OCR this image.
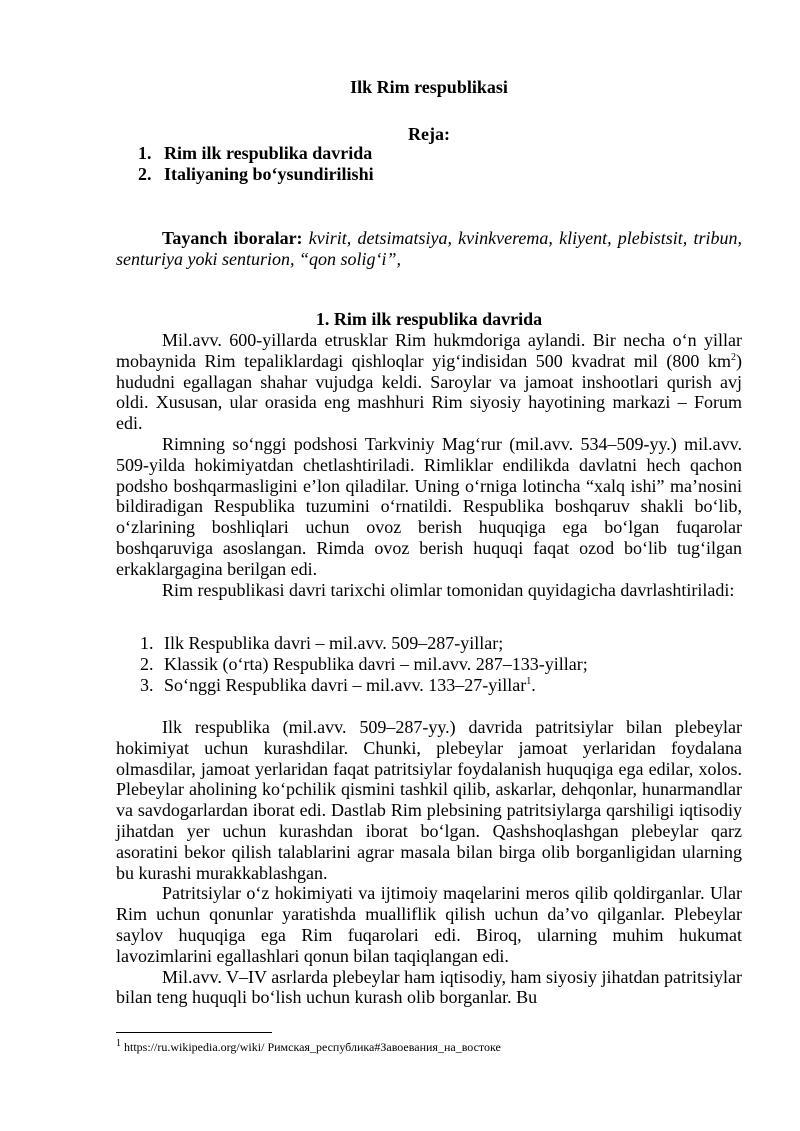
Ilk Rim respublikasi
Reja:
1. Rim ilk respublika davrida
2. Italiyaning bo‘ysundirilishi
Tayanch iboralar: kvirit, detsimatsiya, kvinkverema, kliyent, plebistsit, tribun, senturiya yoki senturion, “qon solig‘i”,
1. Rim ilk respublika davrida

Mil.avv. 600-yillarda etrusklar Rim hukmdoriga aylandi. Bir necha o‘n yillar mobaynida Rim tepaliklardagi qishloqlar yig‘indisidan 500 kvadrat mil (800 $km^2$) hududni egallagan shahar vujudga keldi. Saroylar va jamoat inshootlari qurish avj oldi. Xususan, ular orasida eng mashhuri Rim siyosiy hayotining markazi – Forum edi.

Rimning so‘nggi podshosi Tarkviniy Mag‘rur (mil.avv. 534–509-yy.) mil.avv. 509-yilda hokimiyatdan chetlashtiriladi. Rimliklar endilikda davlatni hech qachon podsho boshqarmasligini e’lon qiladilar. Uning o‘rniga lotincha “xalq ishi” ma’nosini bildiradigan Respublika tuzumini o‘rnatildi. Respublika boshqaruv shakli bo‘lib, o‘zlarining boshliqlari uchun ovoz berish huquqiga ega bo‘lgan fuqarolar boshqaruviga asoslangan. Rimda ovoz berish huquqi faqat ozod bo‘lib tug‘ilgan erkaklargagina berilgan edi.

Rim respublikasi davri tarixchi olimlar tomonidan quyidagicha davrlashtiriladi:

1. Ilk Respublika davri – mil.avv. 509–287-yillar;
2. Klassik (o‘rta) Respublika davri – mil.avv. 287–133-yillar;
3. So‘nggi Respublika davri – mil.avv. 133–27-yillar$^1$.

Ilk respublika (mil.avv. 509–287-yy.) davrida patritsiylar bilan plebeylar hokimiyat uchun kurashdilar. Chunki, plebeylar jamoat yerlaridan foydalana olmasdilar, jamoat yerlaridan faqat patritsiylar foydalanish huquqiga ega edilar, xolos. Plebeylar aholining ko‘pchilik qismini tashkil qilib, askarlar, dehqonlar, hunarmandlar va savdogarlardan iborat edi. Dastlab Rim plebsining patritsiylarga qarshiligi iqtisodiy jihatdan yer uchun kurashdan iborat bo‘lgan. Qashshoqlashgan plebeylar qarz asoratini bekor qilish talablarini agrar masala bilan birga olib borganligidan ularning bu kurashi murakkablashgan.

Patritsiylar o‘z hokimiyati va ijtimoiy maqelarini meros qilib qoldirganlar. Ular Rim uchun qonunlar yaratishda mualliflik qilish uchun da’vo qilganlar. Plebeylar saylov huquqiga ega Rim fuqarolari edi. Biroq, ularning muhim hukumat lavozimlarini egallashlari qonun bilan taqiqlangan edi.

Mil.avv. V–IV asrlarda plebeylar ham iqtisodiy, ham siyosiy jihatdan patritsiylar bilan teng huquqli bo‘lish uchun kurash olib borganlar. Bu

$^1$ https://ru.wikipedia.org/wiki/ Римская_республика#Завоевания_на_востоке
